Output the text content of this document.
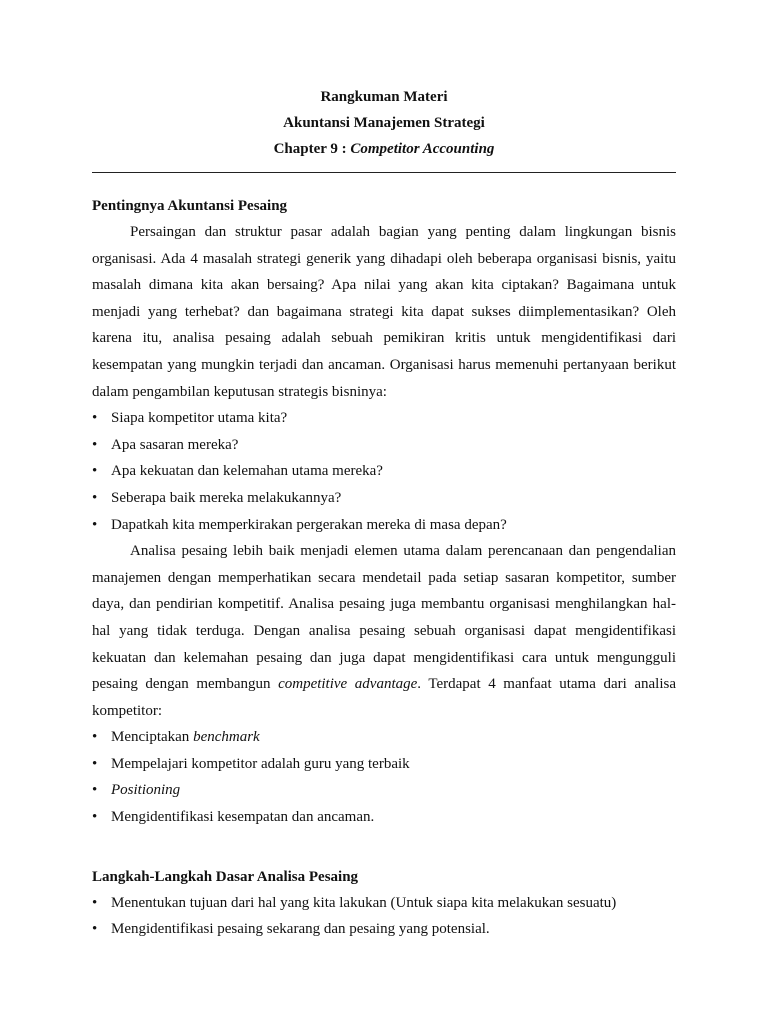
Rangkuman Materi
Akuntansi Manajemen Strategi
Chapter 9 : Competitor Accounting
Pentingnya Akuntansi Pesaing

Persaingan dan struktur pasar adalah bagian yang penting dalam lingkungan bisnis organisasi. Ada 4 masalah strategi generik yang dihadapi oleh beberapa organisasi bisnis, yaitu masalah dimana kita akan bersaing? Apa nilai yang akan kita ciptakan? Bagaimana untuk menjadi yang terhebat? dan bagaimana strategi kita dapat sukses diimplementasikan? Oleh karena itu, analisa pesaing adalah sebuah pemikiran kritis untuk mengidentifikasi dari kesempatan yang mungkin terjadi dan ancaman. Organisasi harus memenuhi pertanyaan berikut dalam pengambilan keputusan strategis bisninya:

• Siapa kompetitor utama kita?
• Apa sasaran mereka?
• Apa kekuatan dan kelemahan utama mereka?
• Seberapa baik mereka melakukannya?
• Dapatkah kita memperkirakan pergerakan mereka di masa depan?

Analisa pesaing lebih baik menjadi elemen utama dalam perencanaan dan pengendalian manajemen dengan memperhatikan secara mendetail pada setiap sasaran kompetitor, sumber daya, dan pendirian kompetitif. Analisa pesaing juga membantu organisasi menghilangkan hal-hal yang tidak terduga. Dengan analisa pesaing sebuah organisasi dapat mengidentifikasi kekuatan dan kelemahan pesaing dan juga dapat mengidentifikasi cara untuk mengungguli pesaing dengan membangun competitive advantage. Terdapat 4 manfaat utama dari analisa kompetitor:

• Menciptakan benchmark
• Mempelajari kompetitor adalah guru yang terbaik
• Positioning
• Mengidentifikasi kesempatan dan ancaman.
Langkah-Langkah Dasar Analisa Pesaing
• Menentukan tujuan dari hal yang kita lakukan (Untuk siapa kita melakukan sesuatu)
• Mengidentifikasi pesaing sekarang dan pesaing yang potensial.
